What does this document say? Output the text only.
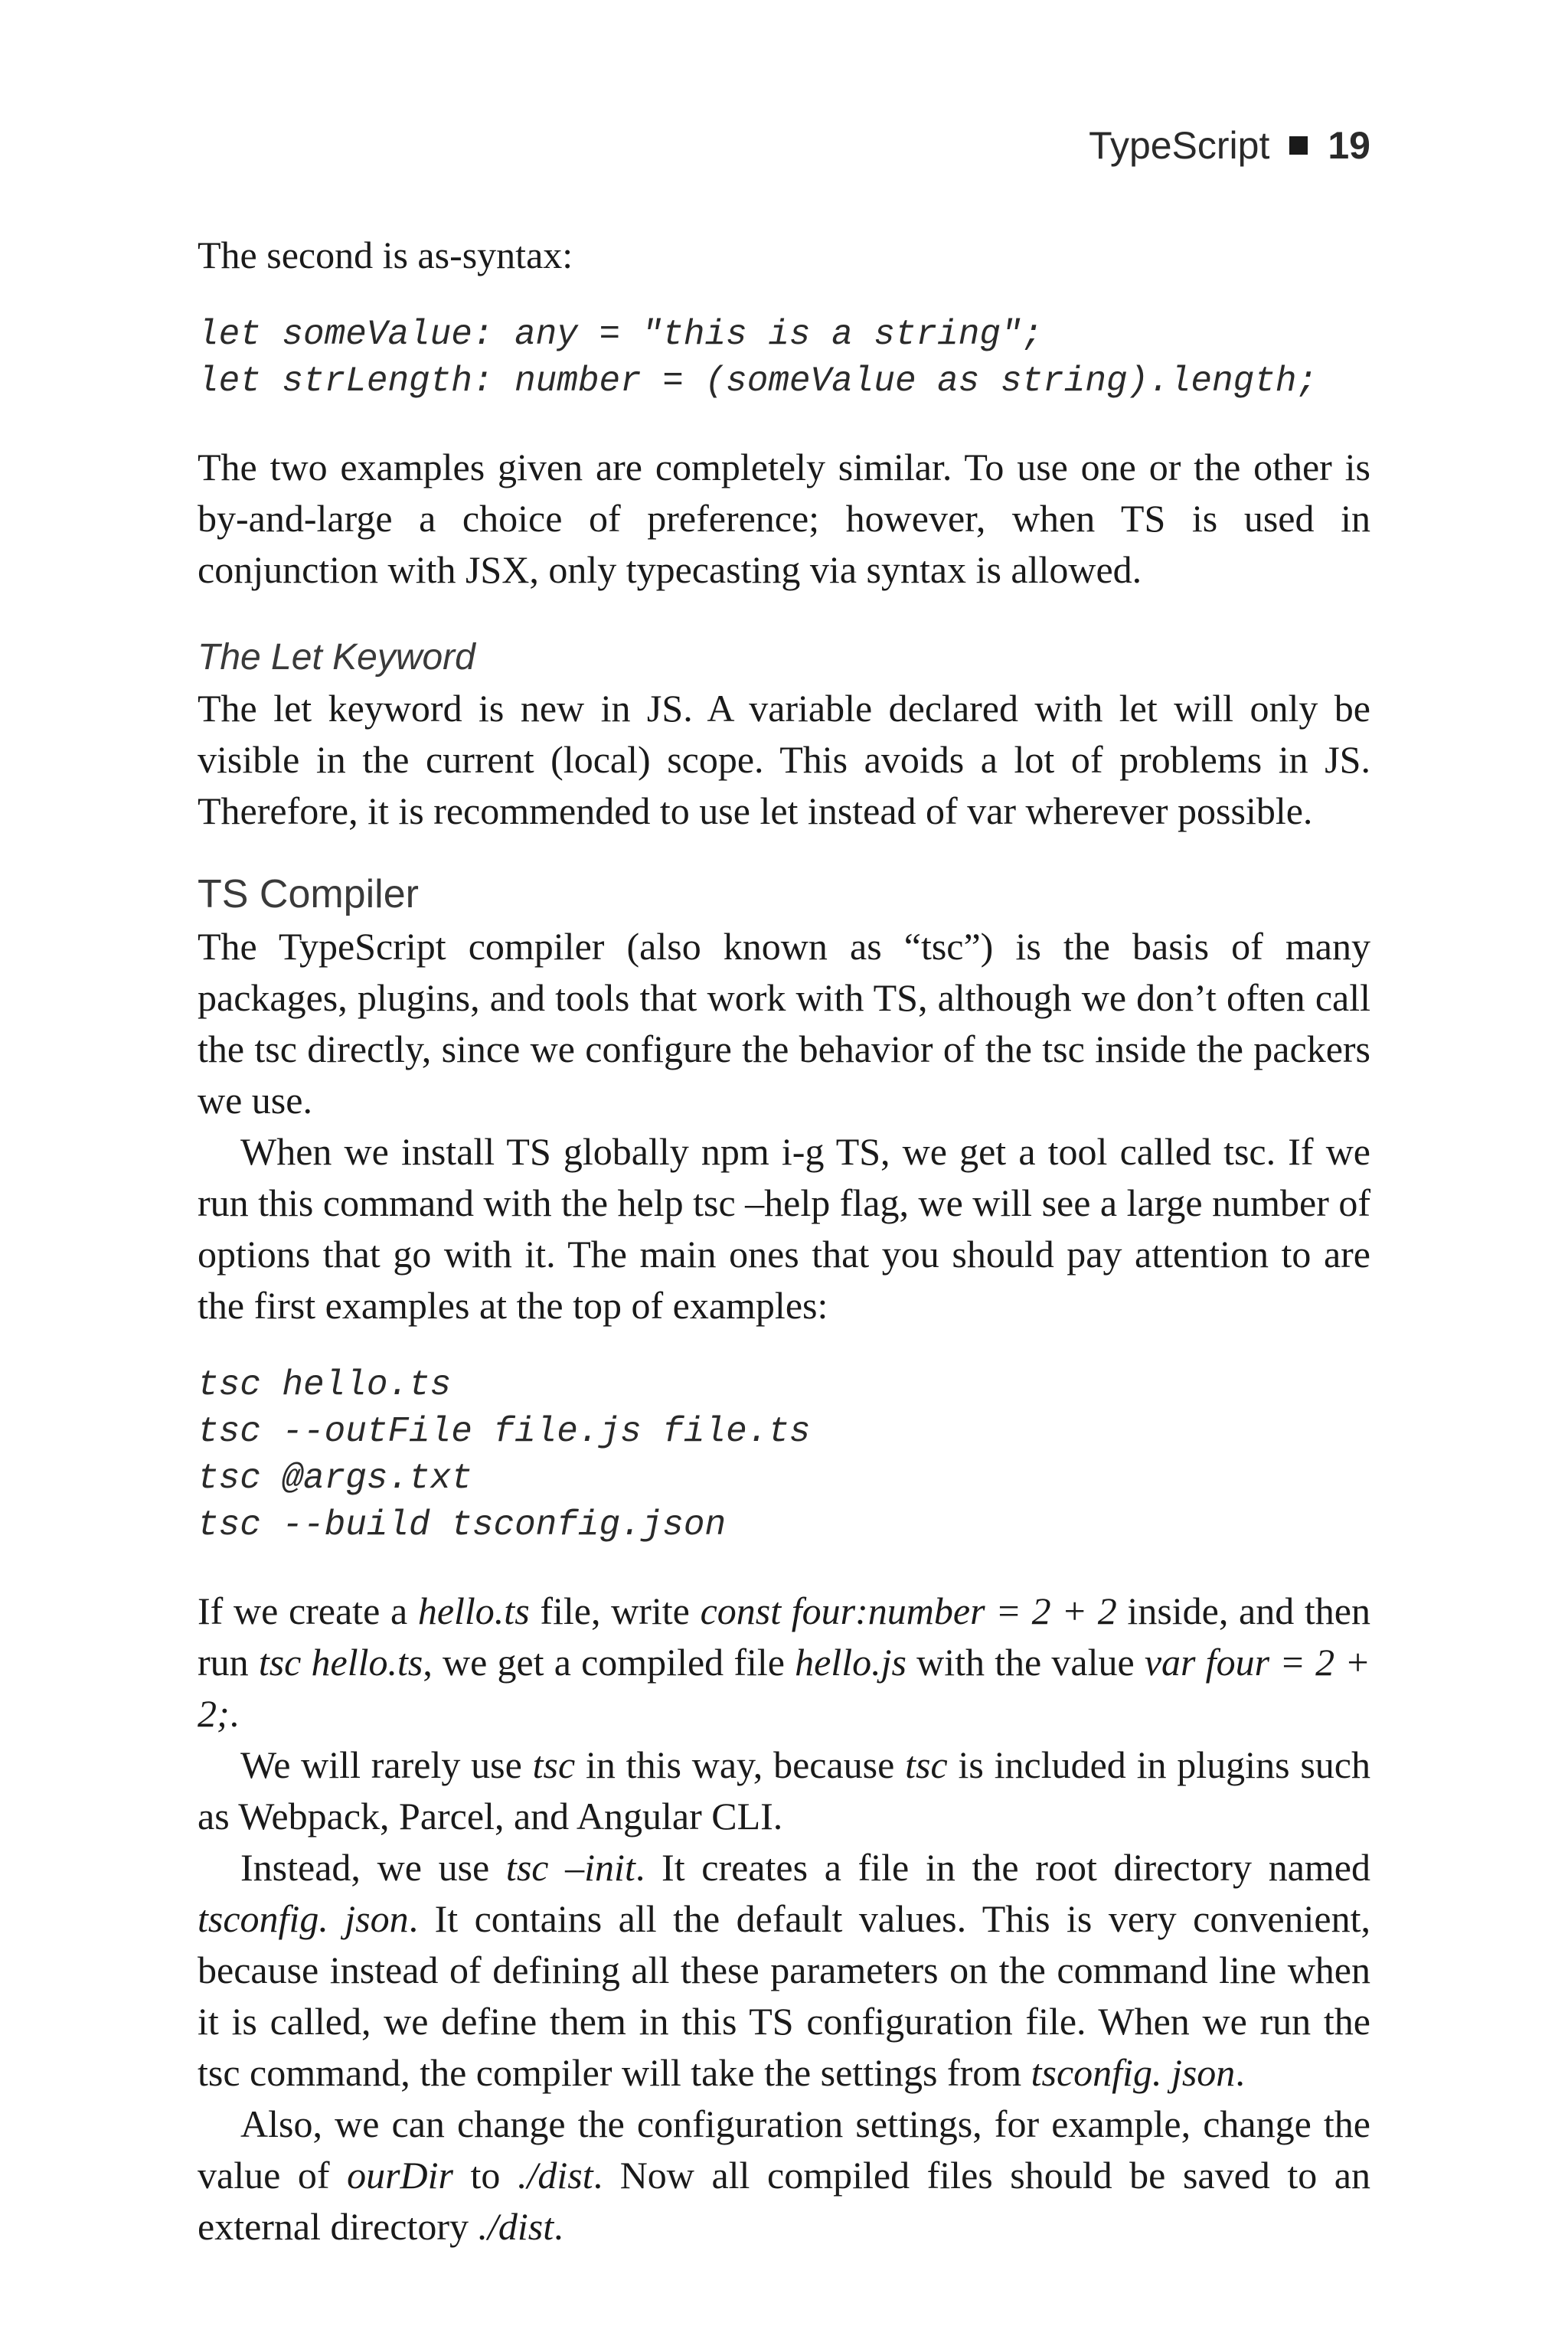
TypeScript 19

The second is as-syntax:

let someValue: any = "this is a string";

let strLength: number = (someValue as string).length;

The two examples given are completely similar. To use one or the other is by-and-large a choice of preference; however, when TS is used in conjunction with JSX, only typecasting via syntax is allowed.

The Let Keyword

The let keyword is new in JS. A variable declared with let will only be visible in the current (local) scope. This avoids a lot of problems in JS. Therefore, it is recommended to use let instead of var wherever possible.

TS Compiler

The TypeScript compiler (also known as “tsc”) is the basis of many packages, plugins, and tools that work with TS, although we don’t often call the tsc directly, since we configure the behavior of the tsc inside the packers we use.

When we install TS globally npm i-g TS, we get a tool called tsc. If we run this command with the help tsc –help flag, we will see a large number of options that go with it. The main ones that you should pay attention to are the first examples at the top of examples:

tsc hello.ts

tsc --outFile file.js file.ts

tsc @args.txt

tsc --build tsconfig.json

If we create a hello.ts file, write const four:number = 2 + 2 inside, and then run tsc hello.ts, we get a compiled file hello.js with the value var four = 2 + 2;.

We will rarely use tsc in this way, because tsc is included in plugins such as Webpack, Parcel, and Angular CLI.

Instead, we use tsc –init. It creates a file in the root directory named tsconfig. json. It contains all the default values. This is very convenient, because instead of defining all these parameters on the command line when it is called, we define them in this TS configuration file. When we run the tsc command, the compiler will take the settings from tsconfig. json.

Also, we can change the configuration settings, for example, change the value of ourDir to ./dist. Now all compiled files should be saved to an external directory ./dist.
